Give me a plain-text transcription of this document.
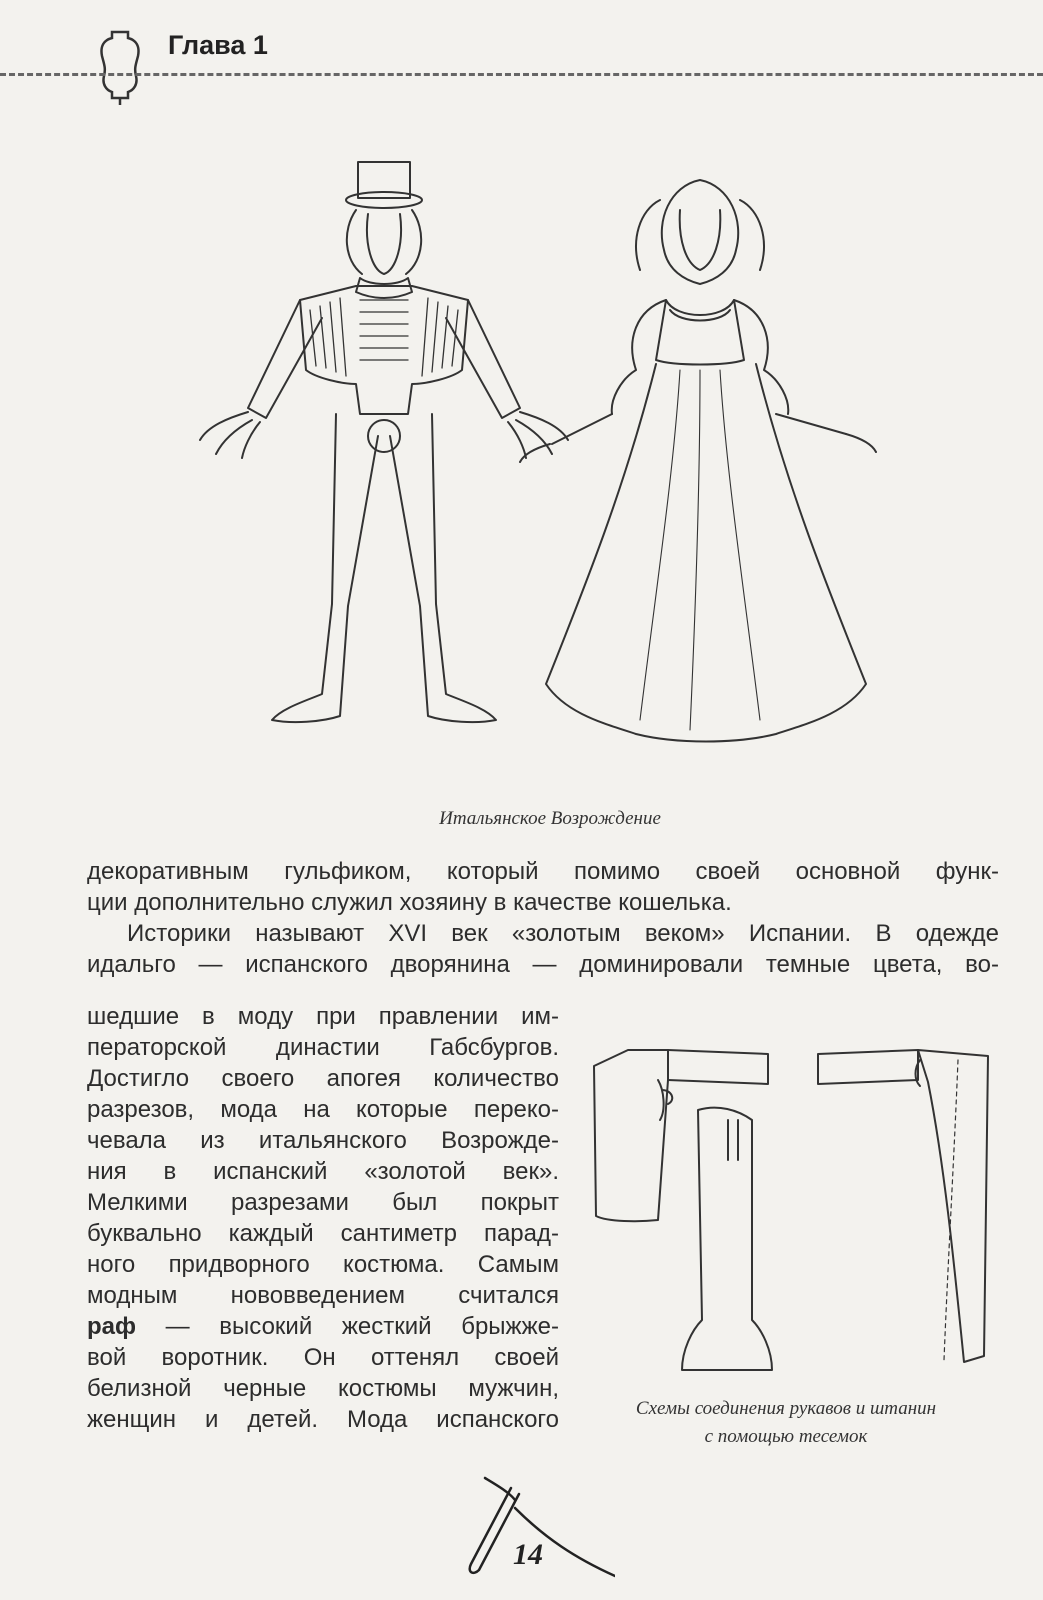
Глава 1
Итальянское Возрождение
декоративным гульфиком, который помимо своей основной функ-
ции дополнительно служил хозяину в качестве кошелька.
Историки называют XVI век «золотым веком» Испании. В одежде
идальго — испанского дворянина — доминировали темные цвета, во-
шедшие в моду при правлении им-
ператорской династии Габсбургов.
Достигло своего апогея количество
разрезов, мода на которые переко-
чевала из итальянского Возрожде-
ния в испанский «золотой век».
Мелкими разрезами был покрыт
буквально каждый сантиметр парад-
ного придворного костюма. Самым
модным нововведением считался
раф — высокий жесткий брыжже-
вой воротник. Он оттенял своей
белизной черные костюмы мужчин,
женщин и детей. Мода испанского	Схемы соединения рукавов и штанин
с помощью тесемок
14
